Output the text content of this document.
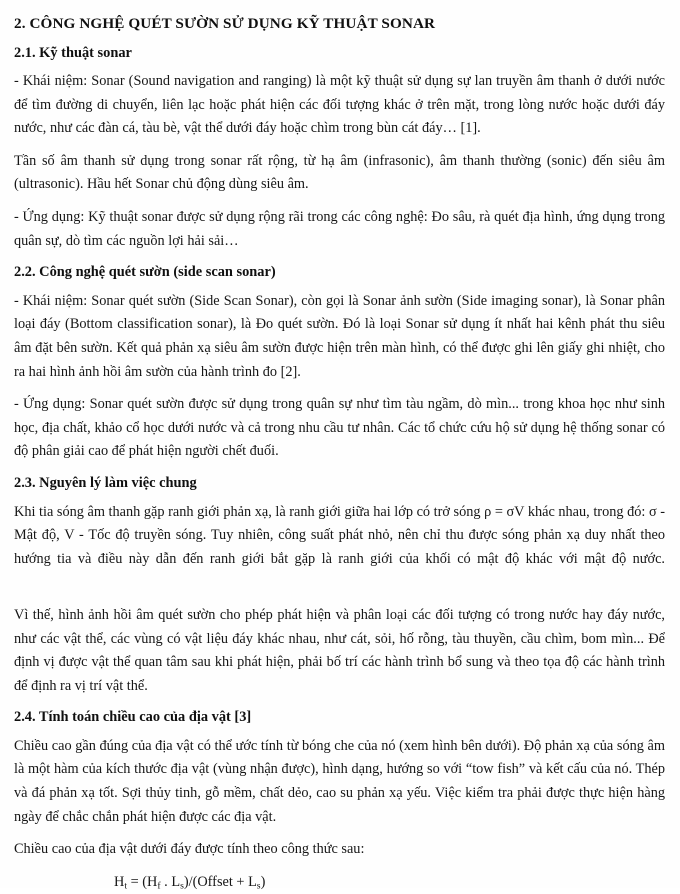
2. CÔNG NGHỆ QUÉT SƯỜN SỬ DỤNG KỸ THUẬT SONAR
2.1. Kỹ thuật sonar

- Khái niệm: Sonar (Sound navigation and ranging) là một kỹ thuật sử dụng sự lan truyền âm thanh ở dưới nước để tìm đường di chuyển, liên lạc hoặc phát hiện các đối tượng khác ở trên mặt, trong lòng nước hoặc dưới đáy nước, như các đàn cá, tàu bè, vật thể dưới đáy hoặc chìm trong bùn cát đáy… [1].

Tần số âm thanh sử dụng trong sonar rất rộng, từ hạ âm (infrasonic), âm thanh thường (sonic) đến siêu âm (ultrasonic). Hầu hết Sonar chủ động dùng siêu âm.

- Ứng dụng: Kỹ thuật sonar được sử dụng rộng rãi trong các công nghệ: Đo sâu, rà quét địa hình, ứng dụng trong quân sự, dò tìm các nguồn lợi hải sải…

2.2. Công nghệ quét sườn (side scan sonar)

- Khái niệm: Sonar quét sườn (Side Scan Sonar), còn gọi là Sonar ảnh sườn (Side imaging sonar), là Sonar phân loại đáy (Bottom classification sonar), là Đo quét sườn. Đó là loại Sonar sử dụng ít nhất hai kênh phát thu siêu âm đặt bên sườn. Kết quả phản xạ siêu âm sườn được hiện trên màn hình, có thể được ghi lên giấy ghi nhiệt, cho ra hai hình ảnh hồi âm sườn của hành trình đo [2].

- Ứng dụng: Sonar quét sườn được sử dụng trong quân sự như tìm tàu ngầm, dò mìn... trong khoa học như sinh học, địa chất, khảo cổ học dưới nước và cả trong nhu cầu tư nhân. Các tổ chức cứu hộ sử dụng hệ thống sonar có độ phân giải cao để phát hiện người chết đuối.

2.3. Nguyên lý làm việc chung

Khi tia sóng âm thanh gặp ranh giới phản xạ, là ranh giới giữa hai lớp có trở sóng ρ = σV khác nhau, trong đó: σ - Mật độ, V - Tốc độ truyền sóng. Tuy nhiên, công suất phát nhỏ, nên chỉ thu được sóng phản xạ duy nhất theo hướng tia và điều này dẫn đến ranh giới bắt gặp là ranh giới của khối có mật độ khác với mật độ nước.

Vì thế, hình ảnh hồi âm quét sườn cho phép phát hiện và phân loại các đối tượng có trong nước hay đáy nước, như các vật thể, các vùng có vật liệu đáy khác nhau, như cát, sỏi, hố rỗng, tàu thuyền, cầu chìm, bom mìn... Để định vị được vật thể quan tâm sau khi phát hiện, phải bố trí các hành trình bổ sung và theo tọa độ các hành trình để định ra vị trí vật thể.

2.4. Tính toán chiều cao của địa vật [3]

Chiều cao gần đúng của địa vật có thể ước tính từ bóng che của nó (xem hình bên dưới). Độ phản xạ của sóng âm là một hàm của kích thước địa vật (vùng nhận được), hình dạng, hướng so với “tow fish” và kết cấu của nó. Thép và đá phản xạ tốt. Sợi thủy tinh, gỗ mềm, chất dẻo, cao su phản xạ yếu. Việc kiểm tra phải được thực hiện hàng ngày để chắc chắn phát hiện được các địa vật.

Chiều cao của địa vật dưới đáy được tính theo công thức sau:

$H_t = (H_f$ . $L_s)/(Offset + L_s)$
